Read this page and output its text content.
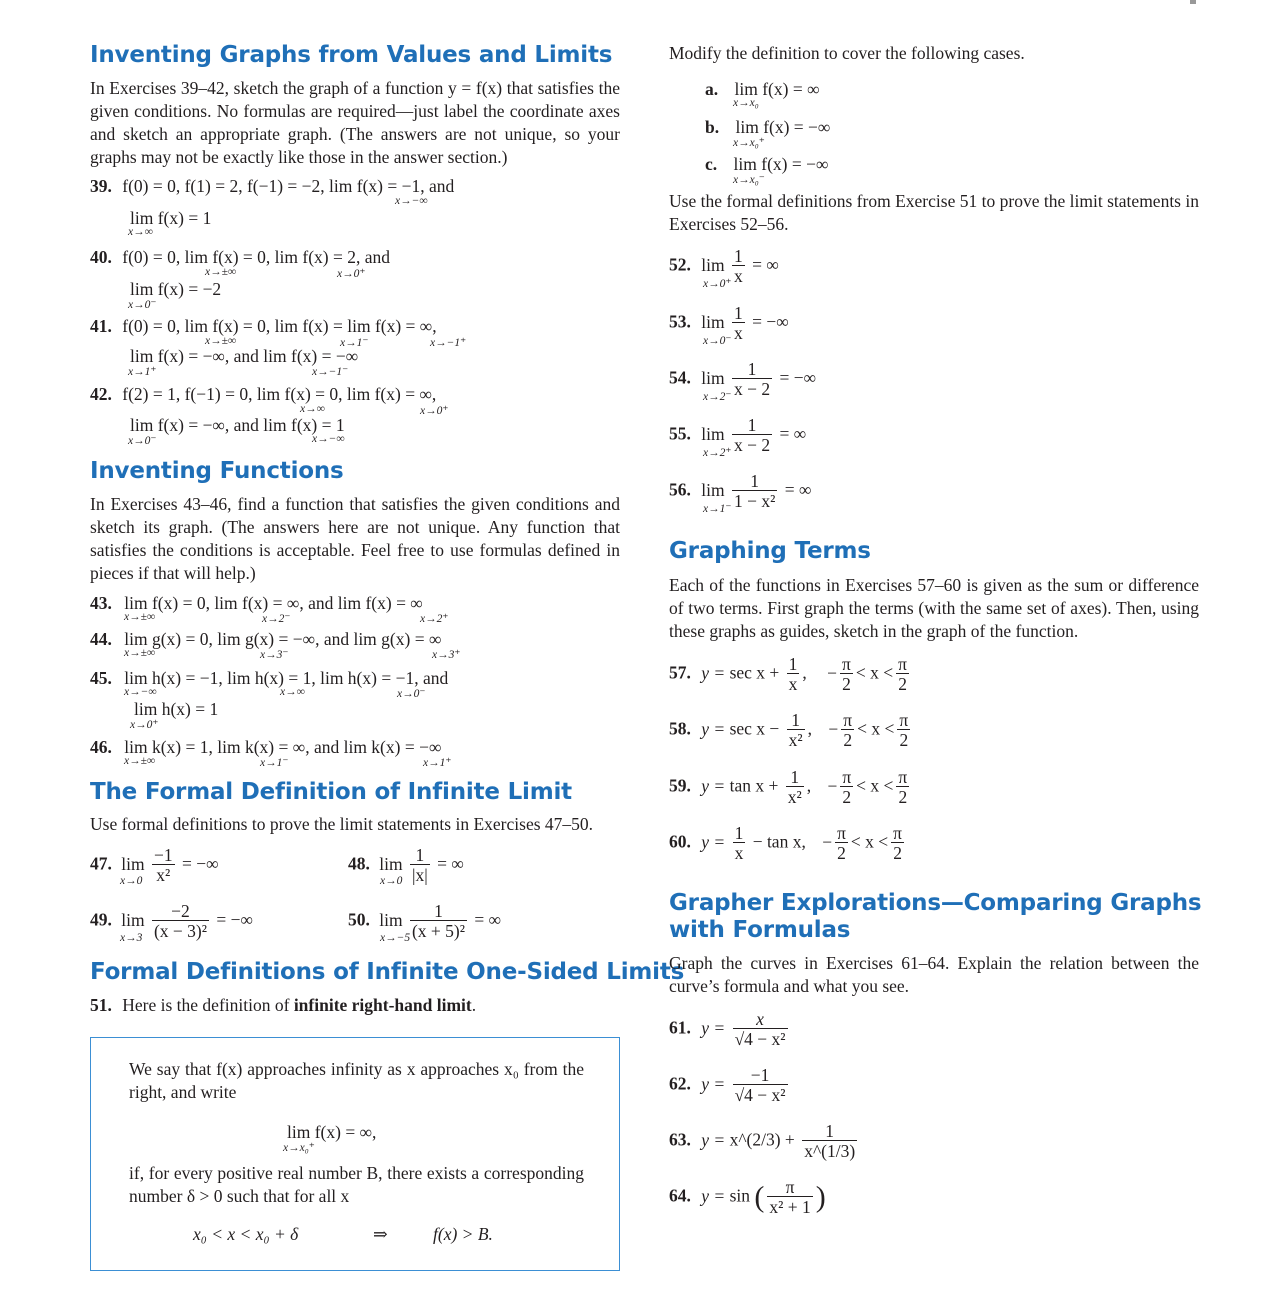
Inventing Graphs from Values and Limits
In Exercises 39–42, sketch the graph of a function y = f(x) that satisfies the given conditions. No formulas are required—just label the coordinate axes and sketch an appropriate graph. (The answers are not unique, so your graphs may not be exactly like those in the answer section.)
39. f(0) = 0, f(1) = 2, f(−1) = −2, lim f(x) = −1, and
x→−∞
lim f(x) = 1
x→∞
40. f(0) = 0, lim f(x) = 0, lim f(x) = 2, and
x→±∞	x→0⁺
lim f(x) = −2
x→0⁻
41. f(0) = 0, lim f(x) = 0, lim f(x) = lim f(x) = ∞,
x→±∞	x→1⁻	x→−1⁺
lim f(x) = −∞, and lim f(x) = −∞
x→1⁺	x→−1⁻
42. f(2) = 1, f(−1) = 0, lim f(x) = 0, lim f(x) = ∞,
x→∞	x→0⁺
lim f(x) = −∞, and lim f(x) = 1
x→0⁻	x→−∞
Inventing Functions
In Exercises 43–46, find a function that satisfies the given conditions and sketch its graph. (The answers here are not unique. Any function that satisfies the conditions is acceptable. Feel free to use formulas defined in pieces if that will help.)
43. lim f(x) = 0, lim f(x) = ∞, and lim f(x) = ∞
x→±∞	x→2⁻	x→2⁺
44. lim g(x) = 0, lim g(x) = −∞, and lim g(x) = ∞
x→±∞	x→3⁻	x→3⁺
45. lim h(x) = −1, lim h(x) = 1, lim h(x) = −1, and
x→−∞	x→∞	x→0⁻
lim h(x) = 1
x→0⁺
46. lim k(x) = 1, lim k(x) = ∞, and lim k(x) = −∞
x→±∞	x→1⁻	x→1⁺
The Formal Definition of Infinite Limit
Use formal definitions to prove the limit statements in Exercises 47–50.
47. $\lim \frac{-1}{\text{x²}}$ = −∞
x→0
48. $\lim \frac{1}{|x|}$ = ∞
x→0
49. $\lim \frac{-2}{\text{(x − 3)²}}$ = −∞
x→3
50. $\lim \frac{1}{\text{(x + 5)²}}$ = ∞
x→−5
Formal Definitions of Infinite One-Sided Limits
51. Here is the definition of infinite right-hand limit.
We say that f(x) approaches infinity as x approaches x₀ from the right, and write
lim f(x) = ∞,
x→x₀⁺
if, for every positive real number B, there exists a corresponding number δ > 0 such that for all x
x₀ < x < x₀ + δ	⇒	f(x) > B.
Modify the definition to cover the following cases.
a. lim f(x) = ∞
x→x₀
b. lim f(x) = −∞
x→x₀⁺
c. lim f(x) = −∞
x→x₀⁻
Use the formal definitions from Exercise 51 to prove the limit statements in Exercises 52–56.
52. $\lim \frac{1}{x}$ = ∞
x→0⁺
53. $\lim \frac{1}{x}$ = −∞
x→0⁻
54. $\lim \frac{1}{x - 2}$ = −∞
x→2⁻
55. $\lim \frac{1}{x - 2}$ = ∞
x→2⁺
56. $\lim \frac{1}{\text{1 − x²}}$ = ∞
x→1⁻
Graphing Terms
Each of the functions in Exercises 57–60 is given as the sum or difference of two terms. First graph the terms (with the same set of axes). Then, using these graphs as guides, sketch in the graph of the function.
57. $y = \sec x + \frac{1}{x}$ , − $\frac{\pi}{2} < x < \frac{\pi}{2}$
58. $y = \sec x - \frac{1}{\text{x²}}$ , − $\frac{\pi}{2} < x < \frac{\pi}{2}$
59. $y = \tan x + \frac{1}{\text{x²}}$ , − $\frac{\pi}{2} < x < \frac{\pi}{2}$
60. $y = \frac{1}{x} - \tan x$, − $\frac{\pi}{2} < x < \frac{\pi}{2}$
Grapher Explorations—Comparing Graphs
with Formulas
Graph the curves in Exercises 61–64. Explain the relation between the curve’s formula and what you see.
61. $y = \frac{x}{\text{√4 − x²}}$
62. $y = \frac{-1}{\text{√4 − x²}}$
63. y = x^(2/3) + $\frac{1}{x\^{}(1/3)}$
64. y = sin ( $\frac{\pi}{\text{x² + 1}}$ )
